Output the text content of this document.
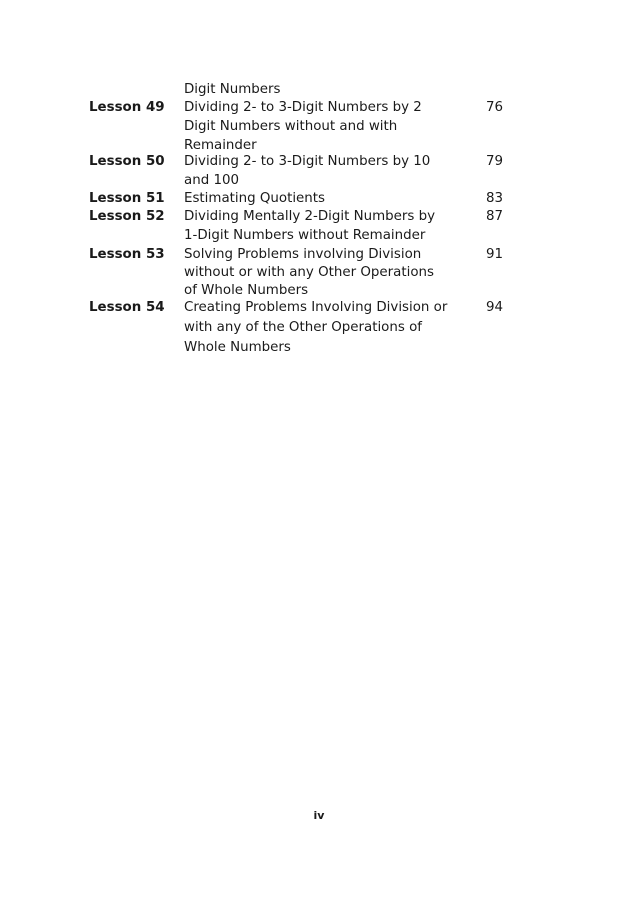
Digit Numbers
Lesson 49 Dividing 2- to 3-Digit Numbers by 2
Digit Numbers without and with
Remainder
76
Lesson 50 Dividing 2- to 3-Digit Numbers by 10
and 100
79
Lesson 51 Estimating Quotients	83
Lesson 52 Dividing Mentally 2-Digit Numbers by
1-Digit Numbers without Remainder
87
Lesson 53 Solving Problems involving Division
without or with any Other Operations
of Whole Numbers
91
Lesson 54 Creating Problems Involving Division or
with any of the Other Operations of
Whole Numbers
94
iv
